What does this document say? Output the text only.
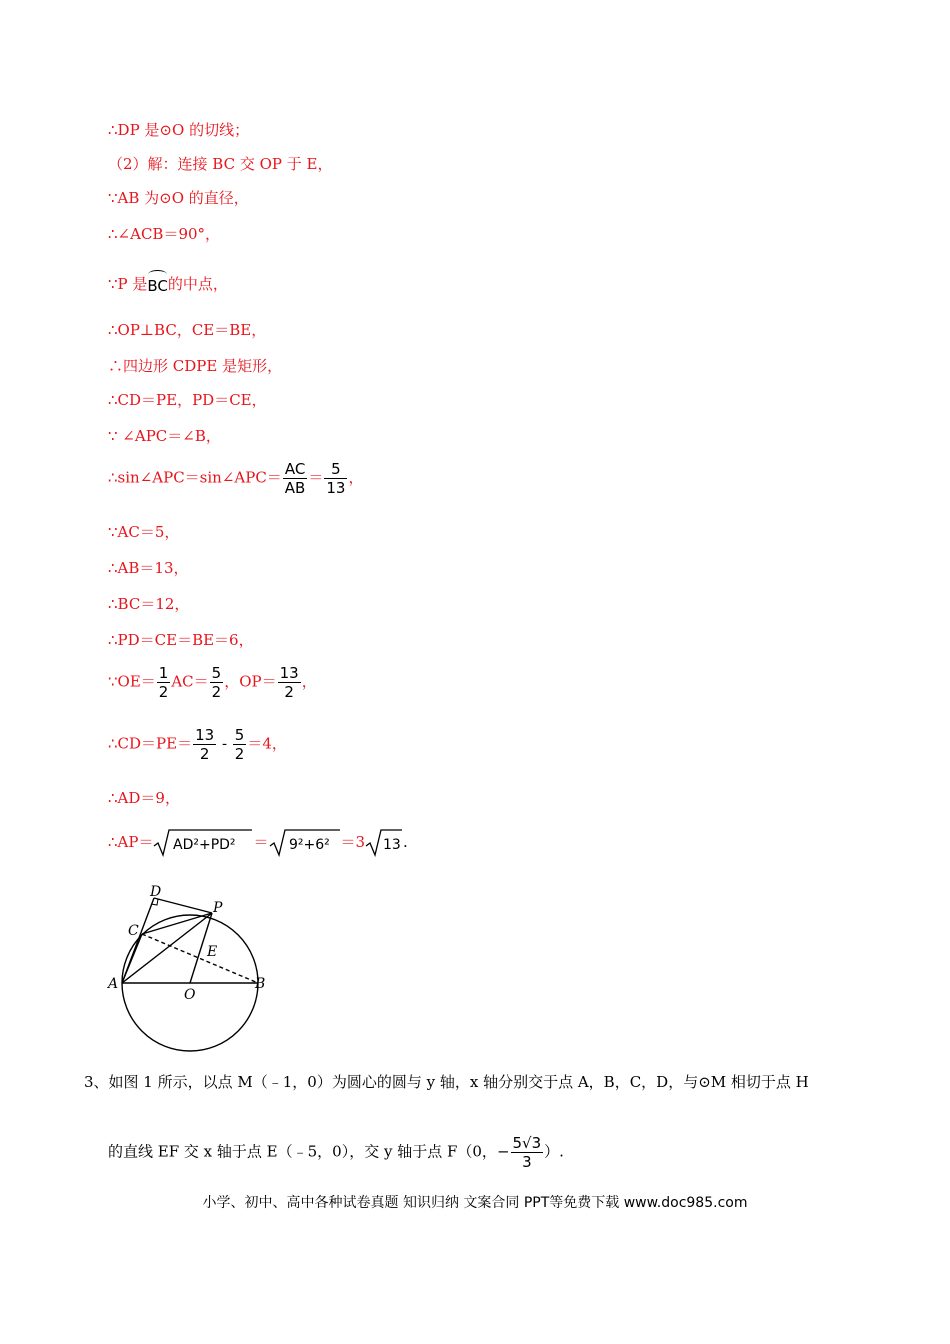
∴DP 是⊙O 的切线；
（2）解：连接 BC 交 OP 于 E，
∵AB 为⊙O 的直径，
∴∠ACB＝90°，
∵P 是BC的中点，
∴OP⊥BC，CE＝BE，
∴四边形 CDPE 是矩形，
∴CD＝PE，PD＝CE，
∵ ∠APC＝∠B，
∴sin∠APC＝sin∠APC＝ $\frac{AC}{AB} = \frac{5}{13}$ ，
∵AC＝5，
∴AB＝13，
∴BC＝12，
∴PD＝CE＝BE＝6，
∵OE＝ $\frac{1}{2} AC= \frac{5}{2}$ ，$OP= \frac{13}{2}$ ，
∴CD＝PE＝ $\frac{13}{2} - \frac{5}{2} =4$，
∴AD＝9，
∴AP＝ AD²+PD² ＝ 9²+6² ＝3 13 .
D
P
C
E
A
O
B
3、如图 1 所示，以点 M（﹣1，0）为圆心的圆与 y 轴，x 轴分别交于点 A，B，C，D，与⊙M 相切于点 H
的直线 EF 交 x 轴于点 E（﹣5，0），交 y 轴于点 F（0，− $\frac{5√3}{3}$ ）.
小学、初中、高中各种试卷真题 知识归纳 文案合同 PPT等免费下载 www.doc985.com
